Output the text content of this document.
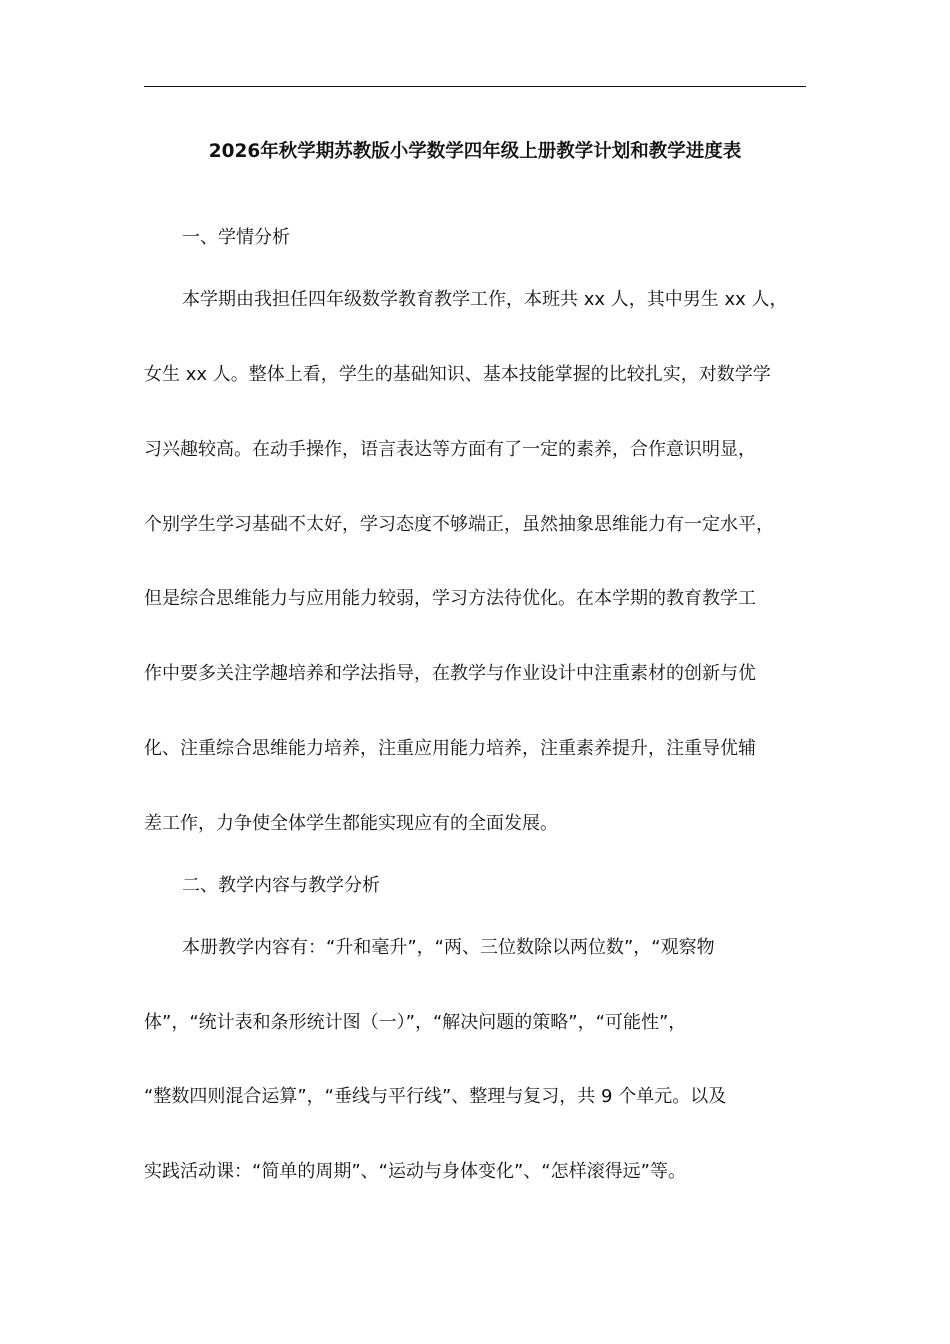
2026年秋学期苏教版小学数学四年级上册教学计划和教学进度表
一、学情分析
本学期由我担任四年级数学教育教学工作，本班共 xx 人，其中男生 xx 人，
女生 xx 人。整体上看，学生的基础知识、基本技能掌握的比较扎实，对数学学
习兴趣较高。在动手操作，语言表达等方面有了一定的素养，合作意识明显，
个别学生学习基础不太好，学习态度不够端正，虽然抽象思维能力有一定水平，
但是综合思维能力与应用能力较弱，学习方法待优化。在本学期的教育教学工
作中要多关注学趣培养和学法指导，在教学与作业设计中注重素材的创新与优
化、注重综合思维能力培养，注重应用能力培养，注重素养提升，注重导优辅
差工作，力争使全体学生都能实现应有的全面发展。
二、教学内容与教学分析
本册教学内容有：“升和毫升”，“两、三位数除以两位数”，“观察物
体”，“统计表和条形统计图（一）”，“解决问题的策略”，“可能性”，
“整数四则混合运算”，“垂线与平行线”、整理与复习，共 9 个单元。以及
实践活动课：“简单的周期”、“运动与身体变化”、“怎样滚得远”等。
